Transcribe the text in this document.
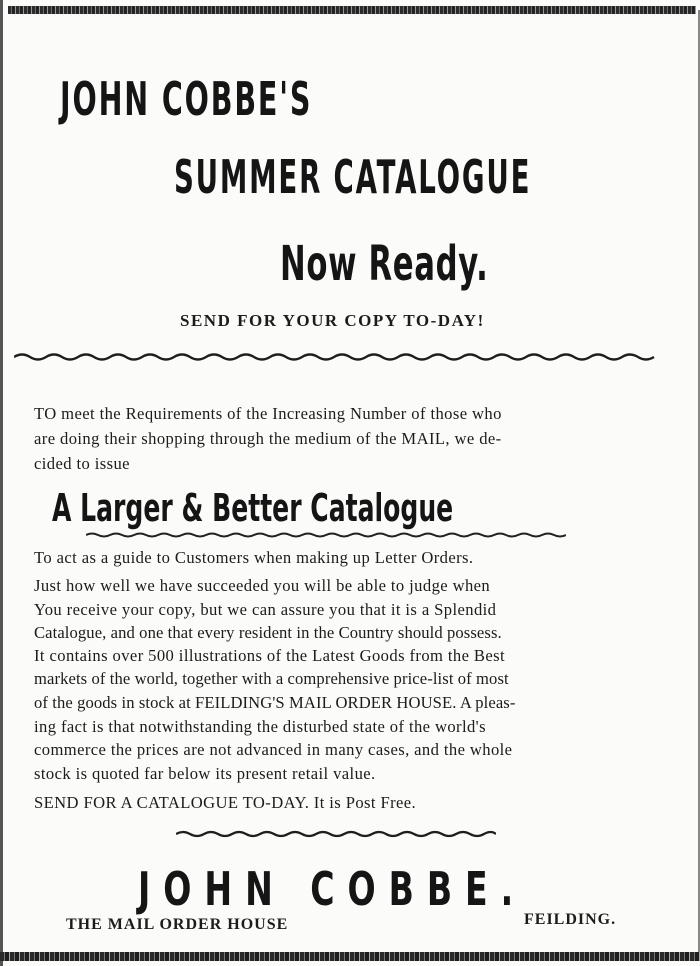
JOHN COBBE'S
SUMMER CATALOGUE
Now Ready.
SEND FOR YOUR COPY TO-DAY!
TO meet the Requirements of the Increasing Number of those who
are doing their shopping through the medium of the MAIL, we de-
cided to issue
A Larger & Better Catalogue
To act as a guide to Customers when making up Letter Orders.
Just how well we have succeeded you will be able to judge when
You receive your copy, but we can assure you that it is a Splendid
Catalogue, and one that every resident in the Country should possess.
It contains over 500 illustrations of the Latest Goods from the Best
markets of the world, together with a comprehensive price-list of most
of the goods in stock at FEILDING'S MAIL ORDER HOUSE. A pleas-
ing fact is that notwithstanding the disturbed state of the world's
commerce the prices are not advanced in many cases, and the whole
stock is quoted far below its present retail value.
SEND FOR A CATALOGUE TO-DAY. It is Post Free.
JOHN COBBE.
THE MAIL ORDER HOUSE	FEILDING.
